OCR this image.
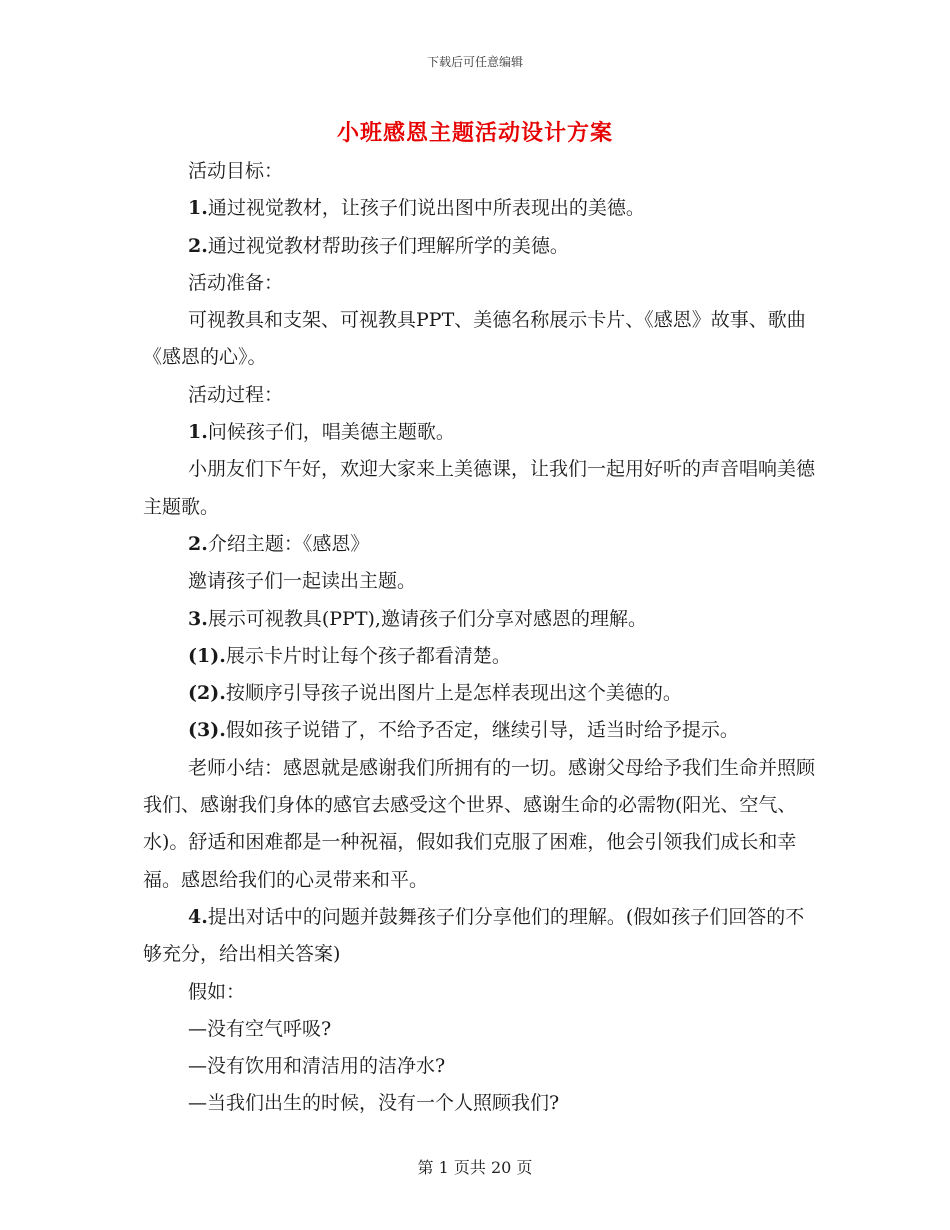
下载后可任意编辑
小班感恩主题活动设计方案

活动目标：

1.通过视觉教材，让孩子们说出图中所表现出的美德。

2.通过视觉教材帮助孩子们理解所学的美德。

活动准备：

可视教具和支架、可视教具PPT、美德名称展示卡片、《感恩》故事、歌曲《感恩的心》。

活动过程：

1.问候孩子们，唱美德主题歌。

小朋友们下午好，欢迎大家来上美德课，让我们一起用好听的声音唱响美德主题歌。

2.介绍主题：《感恩》

邀请孩子们一起读出主题。

3.展示可视教具(PPT),邀请孩子们分享对感恩的理解。

(1).展示卡片时让每个孩子都看清楚。

(2).按顺序引导孩子说出图片上是怎样表现出这个美德的。

(3).假如孩子说错了，不给予否定，继续引导，适当时给予提示。

老师小结：感恩就是感谢我们所拥有的一切。感谢父母给予我们生命并照顾我们、感谢我们身体的感官去感受这个世界、感谢生命的必需物(阳光、空气、水)。舒适和困难都是一种祝福，假如我们克服了困难，他会引领我们成长和幸福。感恩给我们的心灵带来和平。

4.提出对话中的问题并鼓舞孩子们分享他们的理解。(假如孩子们回答的不够充分，给出相关答案)

假如：

—没有空气呼吸?

—没有饮用和清洁用的洁净水?

—当我们出生的时候，没有一个人照顾我们?

第 1 页共 20 页
